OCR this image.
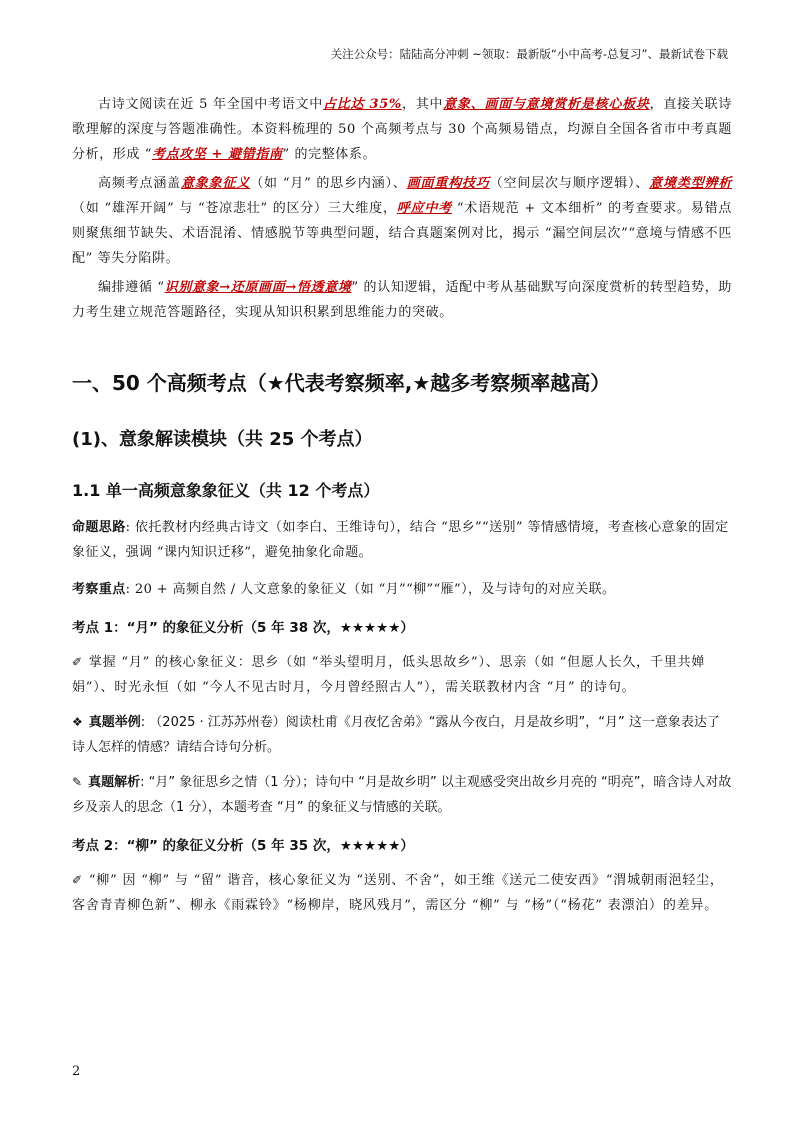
关注公众号：陆陆高分冲刺 ~领取：最新版“小中高考-总复习”、最新试卷下载

古诗文阅读在近 5 年全国中考语文中占比达 35%，其中意象、画面与意境赏析是核心板块，直接关联诗歌理解的深度与答题准确性。本资料梳理的 50 个高频考点与 30 个高频易错点，均源自全国各省市中考真题分析，形成 “考点攻坚 + 避错指南” 的完整体系。

高频考点涵盖意象象征义（如 “月” 的思乡内涵）、画面重构技巧（空间层次与顺序逻辑）、意境类型辨析（如 “雄浑开阔” 与 “苍凉悲壮” 的区分）三大维度，呼应中考 “术语规范 + 文本细析” 的考查要求。易错点则聚焦细节缺失、术语混淆、情感脱节等典型问题，结合真题案例对比，揭示 “漏空间层次”“意境与情感不匹配” 等失分陷阱。

编排遵循 “识别意象→还原画面→悟透意境” 的认知逻辑，适配中考从基础默写向深度赏析的转型趋势，助力考生建立规范答题路径，实现从知识积累到思维能力的突破。

一、50 个高频考点（★代表考察频率,★越多考察频率越高）
(1)、意象解读模块（共 25 个考点）
1.1 单一高频意象象征义（共 12 个考点）

命题思路: 依托教材内经典古诗文（如李白、王维诗句），结合 “思乡”“送别” 等情感情境，考查核心意象的固定象征义，强调 “课内知识迁移”，避免抽象化命题。

考察重点: 20 + 高频自然 / 人文意象的象征义（如 “月”“柳”“雁”），及与诗句的对应关联。

考点 1：“月” 的象征义分析（5 年 38 次，★★★★★）

✐ 掌握 “月” 的核心象征义：思乡（如 “举头望明月，低头思故乡”）、思亲（如 “但愿人长久，千里共婵娟”）、时光永恒（如 “今人不见古时月，今月曾经照古人”），需关联教材内含 “月” 的诗句。

❖ 真题举例: （2025 · 江苏苏州卷）阅读杜甫《月夜忆舍弟》“露从今夜白，月是故乡明”，“月” 这一意象表达了诗人怎样的情感？请结合诗句分析。

✎ 真题解析: “月” 象征思乡之情（1 分）；诗句中 “月是故乡明” 以主观感受突出故乡月亮的 “明亮”，暗含诗人对故乡及亲人的思念（1 分），本题考查 “月” 的象征义与情感的关联。

考点 2：“柳” 的象征义分析（5 年 35 次，★★★★★）

✐ “柳” 因 “柳” 与 “留” 谐音，核心象征义为 “送别、不舍”，如王维《送元二使安西》“渭城朝雨浥轻尘，客舍青青柳色新”、柳永《雨霖铃》“杨柳岸，晓风残月”，需区分 “柳” 与 “杨”（“杨花” 表漂泊）的差异。

2
